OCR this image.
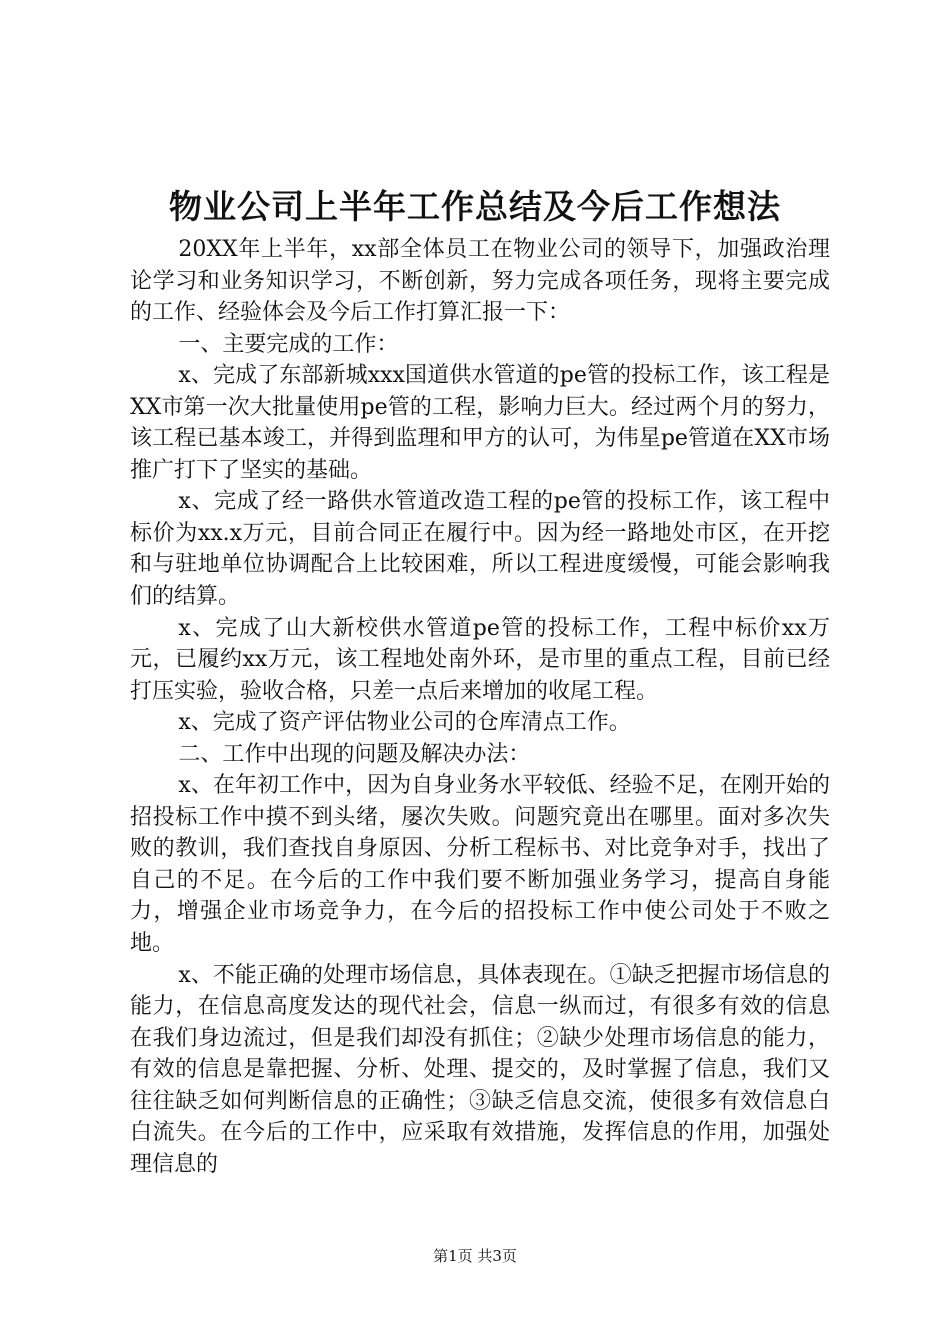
物业公司上半年工作总结及今后工作想法

20XX年上半年，xx部全体员工在物业公司的领导下，加强政治理论学习和业务知识学习，不断创新，努力完成各项任务，现将主要完成的工作、经验体会及今后工作打算汇报一下：

一、主要完成的工作：

x、完成了东部新城xxx国道供水管道的pe管的投标工作，该工程是XX市第一次大批量使用pe管的工程，影响力巨大。经过两个月的努力，该工程已基本竣工，并得到监理和甲方的认可，为伟星pe管道在XX市场推广打下了坚实的基础。

x、完成了经一路供水管道改造工程的pe管的投标工作，该工程中标价为xx.x万元，目前合同正在履行中。因为经一路地处市区，在开挖和与驻地单位协调配合上比较困难，所以工程进度缓慢，可能会影响我们的结算。

x、完成了山大新校供水管道pe管的投标工作，工程中标价xx万元，已履约xx万元，该工程地处南外环，是市里的重点工程，目前已经打压实验，验收合格，只差一点后来增加的收尾工程。

x、完成了资产评估物业公司的仓库清点工作。

二、工作中出现的问题及解决办法：

x、在年初工作中，因为自身业务水平较低、经验不足，在刚开始的招投标工作中摸不到头绪，屡次失败。问题究竟出在哪里。面对多次失败的教训，我们查找自身原因、分析工程标书、对比竞争对手，找出了自己的不足。在今后的工作中我们要不断加强业务学习，提高自身能力，增强企业市场竞争力，在今后的招投标工作中使公司处于不败之地。

x、不能正确的处理市场信息，具体表现在。①缺乏把握市场信息的能力，在信息高度发达的现代社会，信息一纵而过，有很多有效的信息在我们身边流过，但是我们却没有抓住；②缺少处理市场信息的能力，有效的信息是靠把握、分析、处理、提交的，及时掌握了信息，我们又往往缺乏如何判断信息的正确性；③缺乏信息交流，使很多有效信息白白流失。在今后的工作中，应采取有效措施，发挥信息的作用，加强处理信息的

第1页 共3页
